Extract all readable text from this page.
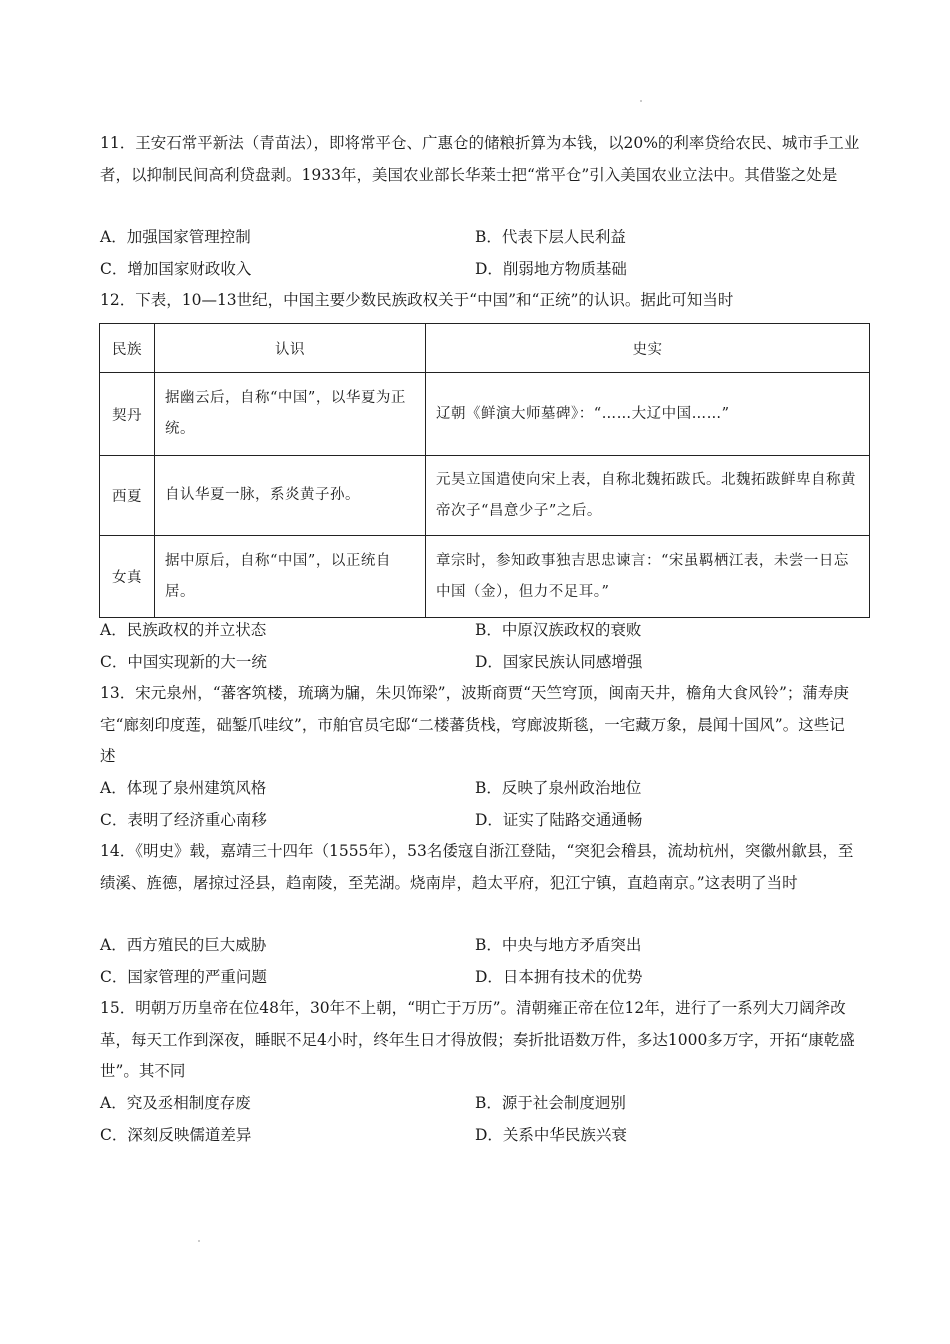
11．王安石常平新法（青苗法），即将常平仓、广惠仓的储粮折算为本钱，以20%的利率贷给农民、城市手工业者，以抑制民间高利贷盘剥。1933年，美国农业部长华莱士把“常平仓”引入美国农业立法中。其借鉴之处是
A．加强国家管理控制	B．代表下层人民利益
C．增加国家财政收入	D．削弱地方物质基础
12．下表，10—13世纪，中国主要少数民族政权关于“中国”和“正统”的认识。据此可知当时
民族	认识	史实
契丹	据幽云后，自称“中国”，以华夏为正统。	辽朝《鲜演大师墓碑》：“……大辽中国……”
西夏	自认华夏一脉，系炎黄子孙。	元昊立国遣使向宋上表，自称北魏拓跋氏。北魏拓跋鲜卑自称黄帝次子“昌意少子”之后。
女真	据中原后，自称“中国”，以正统自居。	章宗时，参知政事独吉思忠谏言：“宋虽羁栖江表，未尝一日忘中国（金），但力不足耳。”
A．民族政权的并立状态	B．中原汉族政权的衰败
C．中国实现新的大一统	D．国家民族认同感增强
13．宋元泉州，“蕃客筑楼，琉璃为牖，朱贝饰梁”，波斯商贾“天竺穹顶，闽南天井，檐角大食风铃”；蒲寿庚宅“廊刻印度莲，础錾爪哇纹”，市舶官员宅邸“二楼蕃货栈，穹廊波斯毯，一宅藏万象，晨闻十国风”。这些记述
A．体现了泉州建筑风格	B．反映了泉州政治地位
C．表明了经济重心南移	D．证实了陆路交通通畅
14．《明史》载，嘉靖三十四年（1555年），53名倭寇自浙江登陆，“突犯会稽县，流劫杭州，突徽州歙县，至绩溪、旌德，屠掠过泾县，趋南陵，至芜湖。烧南岸，趋太平府，犯江宁镇，直趋南京。”这表明了当时
A．西方殖民的巨大威胁	B．中央与地方矛盾突出
C．国家管理的严重问题	D．日本拥有技术的优势
15．明朝万历皇帝在位48年，30年不上朝，“明亡于万历”。清朝雍正帝在位12年，进行了一系列大刀阔斧改革，每天工作到深夜，睡眠不足4小时，终年生日才得放假；奏折批语数万件，多达1000多万字，开拓“康乾盛世”。其不同
A．究及丞相制度存废	B．源于社会制度迥别
C．深刻反映儒道差异	D．关系中华民族兴衰
